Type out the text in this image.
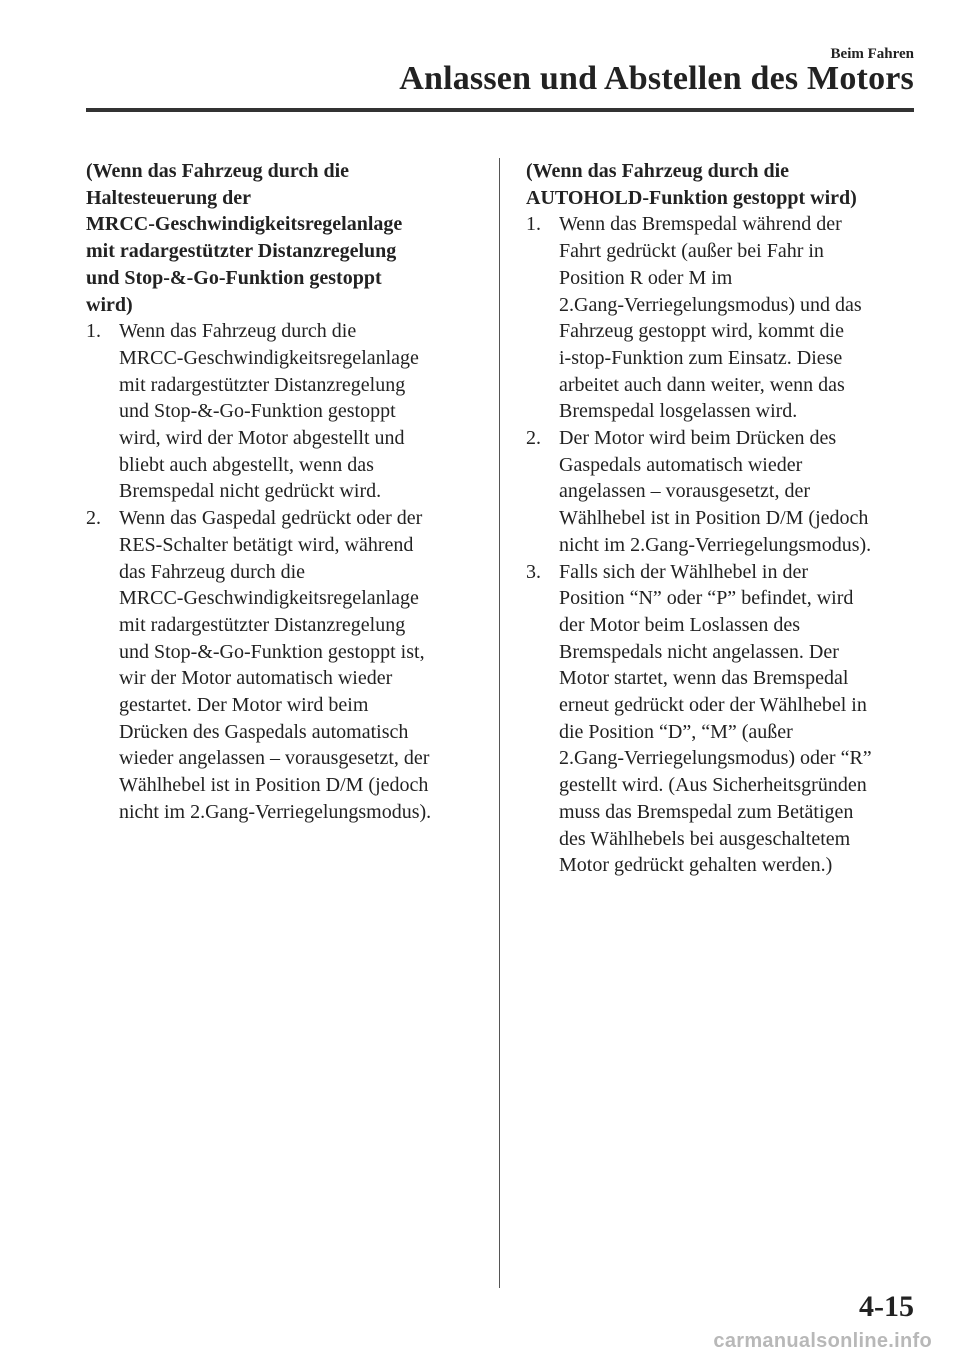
Beim Fahren
Anlassen und Abstellen des Motors
(Wenn das Fahrzeug durch die
Haltesteuerung der
MRCC-Geschwindigkeitsregelanlage
mit radargestützter Distanzregelung
und Stop-&-Go-Funktion gestoppt
wird)
1. Wenn das Fahrzeug durch die
MRCC-Geschwindigkeitsregelanlage
mit radargestützter Distanzregelung
und Stop-&-Go-Funktion gestoppt
wird, wird der Motor abgestellt und
bliebt auch abgestellt, wenn das
Bremspedal nicht gedrückt wird.
2. Wenn das Gaspedal gedrückt oder der
RES-Schalter betätigt wird, während
das Fahrzeug durch die
MRCC-Geschwindigkeitsregelanlage
mit radargestützter Distanzregelung
und Stop-&-Go-Funktion gestoppt ist,
wir der Motor automatisch wieder
gestartet. Der Motor wird beim
Drücken des Gaspedals automatisch
wieder angelassen – vorausgesetzt, der
Wählhebel ist in Position D/M (jedoch
nicht im 2.Gang-Verriegelungsmodus).
(Wenn das Fahrzeug durch die
AUTOHOLD-Funktion gestoppt wird)
1. Wenn das Bremspedal während der
Fahrt gedrückt (außer bei Fahr in
Position R oder M im
2.Gang-Verriegelungsmodus) und das
Fahrzeug gestoppt wird, kommt die
i-stop-Funktion zum Einsatz. Diese
arbeitet auch dann weiter, wenn das
Bremspedal losgelassen wird.
2. Der Motor wird beim Drücken des
Gaspedals automatisch wieder
angelassen – vorausgesetzt, der
Wählhebel ist in Position D/M (jedoch
nicht im 2.Gang-Verriegelungsmodus).
3. Falls sich der Wählhebel in der
Position “N” oder “P” befindet, wird
der Motor beim Loslassen des
Bremspedals nicht angelassen. Der
Motor startet, wenn das Bremspedal
erneut gedrückt oder der Wählhebel in
die Position “D”, “M” (außer
2.Gang-Verriegelungsmodus) oder “R”
gestellt wird. (Aus Sicherheitsgründen
muss das Bremspedal zum Betätigen
des Wählhebels bei ausgeschaltetem
Motor gedrückt gehalten werden.)
4-15
carmanualsonline.info
